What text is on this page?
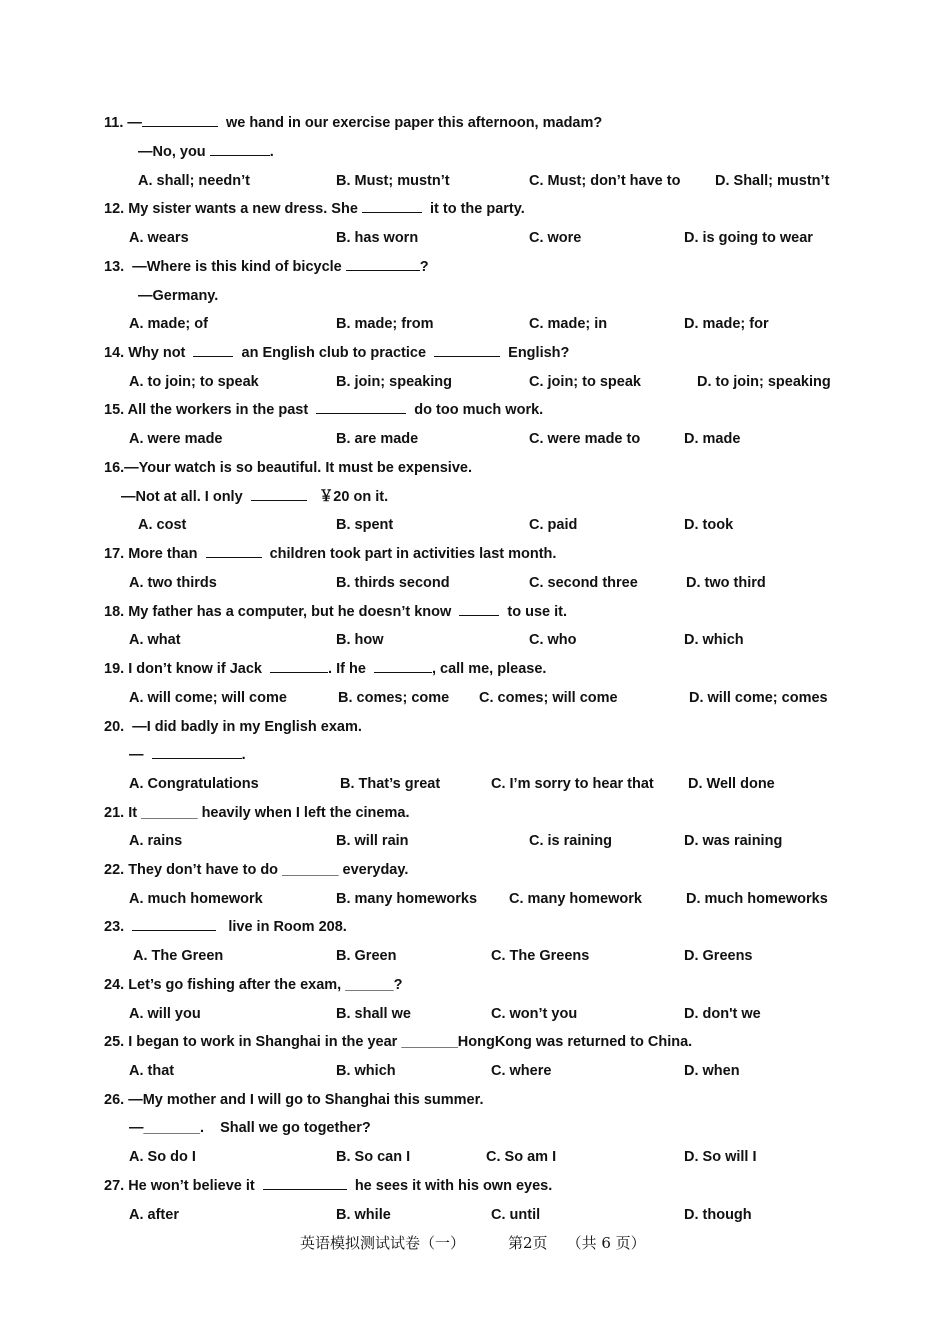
11. —	we hand in our exercise paper this afternoon, madam?
—No, you	.
A. shall; needn’t	B. Must; mustn’t	C. Must; don’t have to D. Shall; mustn’t
12. My sister wants a new dress. She	it to the party.
A. wears	B. has worn	C. wore	D. is going to wear
13. —Where is this kind of bicycle	?
—Germany.
A. made; of	B. made; from	C. made; in	D. made; for
14. Why not	an English club to practice	English?
A. to join; to speak	B. join; speaking	C. join; to speak	D. to join; speaking
15. All the workers in the past	do too much work.
A. were made	B. are made	C. were made to	D. made
16.—Your watch is so beautiful. It must be expensive.
—Not at all. I only	￥20 on it.
A. cost	B. spent	C. paid	D. took
17. More than	children took part in activities last month.
A. two thirds	B. thirds second	C. second three	D. two third
18. My father has a computer, but he doesn’t know	to use it.
A. what	B. how	C. who	D. which
19. I don’t know if Jack	. If he	, call me, please.
A. will come; will come	B. comes; come C. comes; will come	D. will come; comes
20. —I did badly in my English exam.
—	.
A. Congratulations	B. That’s great	C. I’m sorry to hear that D. Well done
21. It _______ heavily when I left the cinema.
A. rains	B. will rain	C. is raining	D. was raining
22. They don’t have to do _______ everyday.
A. much homework	B. many homeworks C. many homework	D. much homeworks
23.	live in Room 208.
A. The Green	B. Green	C. The Greens	D. Greens
24. Let’s go fishing after the exam, ______?
A. will you	B. shall we	C. won’t you	D. don't we
25. I began to work in Shanghai in the year _______HongKong was returned to China.
A. that	B. which	C. where	D. when
26. —My mother and I will go to Shanghai this summer.
—_______.    Shall we go together?
A. So do I	B. So can I	C. So am I	D. So will I
27. He won’t believe it	he sees it with his own eyes.
A. after	B. while	C. until	D. though
英语模拟测试试卷（一）	第2页 （共 6 页）
